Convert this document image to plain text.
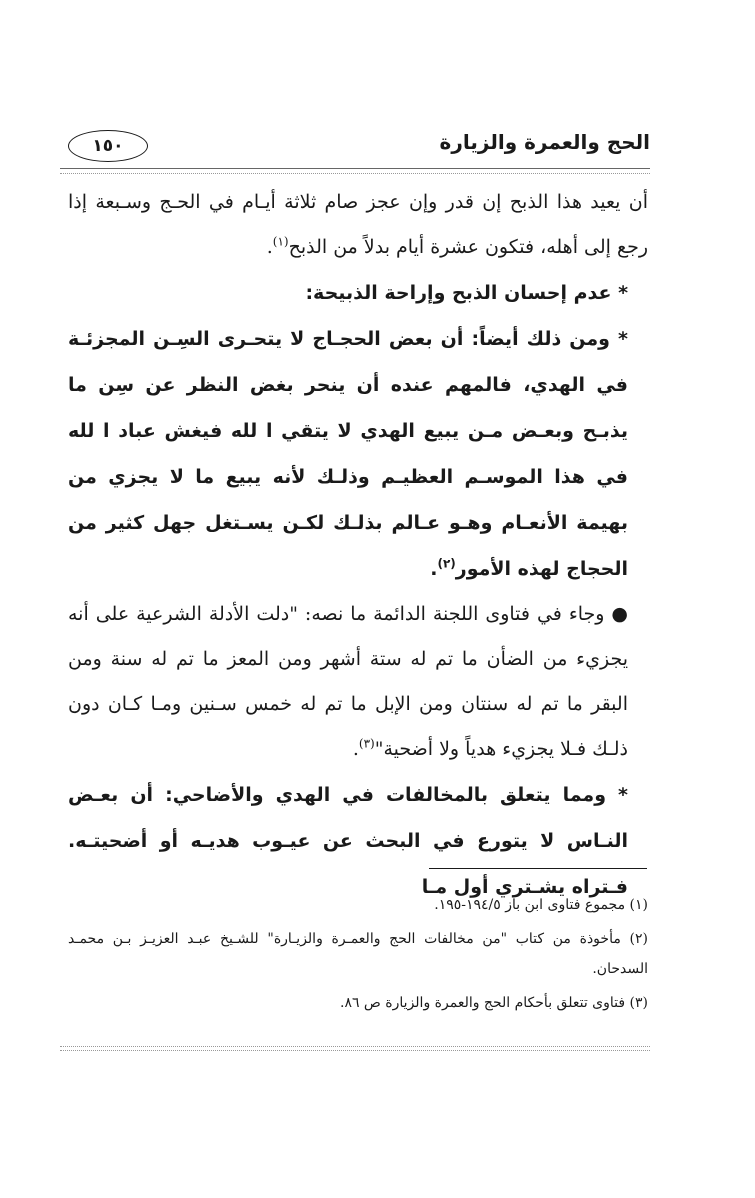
الحج والعمرة والزيارة
١٥٠

أن يعيد هذا الذبح إن قدر وإن عجز صام ثلاثة أيـام في الحـج وسـبعة إذا رجع إلى أهله، فتكون عشرة أيام بدلاً من الذبح$^{(١)}$.

* عدم إحسان الذبح وإراحة الذبيحة:

* ومن ذلك أيضاً: أن بعض الحجـاج لا يتحـرى السِـن المجزئـة في الهدي، فالمهم عنده أن ينحر بغض النظر عن سِن ما يذبـح وبعـض مـن يبيع الهدي لا يتقي ا لله فيغش عباد ا لله في هذا الموسـم العظيـم وذلـك لأنه يبيع ما لا يجزي من بهيمة الأنعـام وهـو عـالم بذلـك لكـن يسـتغل جهل كثير من الحجاج لهذه الأمور$^{(٢)}$.

● وجاء في فتاوى اللجنة الدائمة ما نصه: "دلت الأدلة الشرعية على أنه يجزيء من الضأن ما تم له ستة أشهر ومن المعز ما تم له سنة ومن البقر ما تم له سنتان ومن الإبل ما تم له خمس سـنين ومـا كـان دون ذلـك فـلا يجزيء هدياً ولا أضحية"$^{(٣)}$.

* ومما يتعلق بالمخالفات في الهدي والأضاحي: أن بعـض النـاس لا يتورع في البحث عن عيـوب هديـه أو أضحيتـه. فـتراه يشـتري أول مـا

(١) مجموع فتاوى ابن باز ١٩٤/٥-١٩٥.

(٢) مأخوذة من كتاب "من مخالفات الحج والعمـرة والزيـارة" للشـيخ عبـد العزيـز بـن محمـد السدحان.

(٣) فتاوى تتعلق بأحكام الحج والعمرة والزيارة ص ٨٦.
